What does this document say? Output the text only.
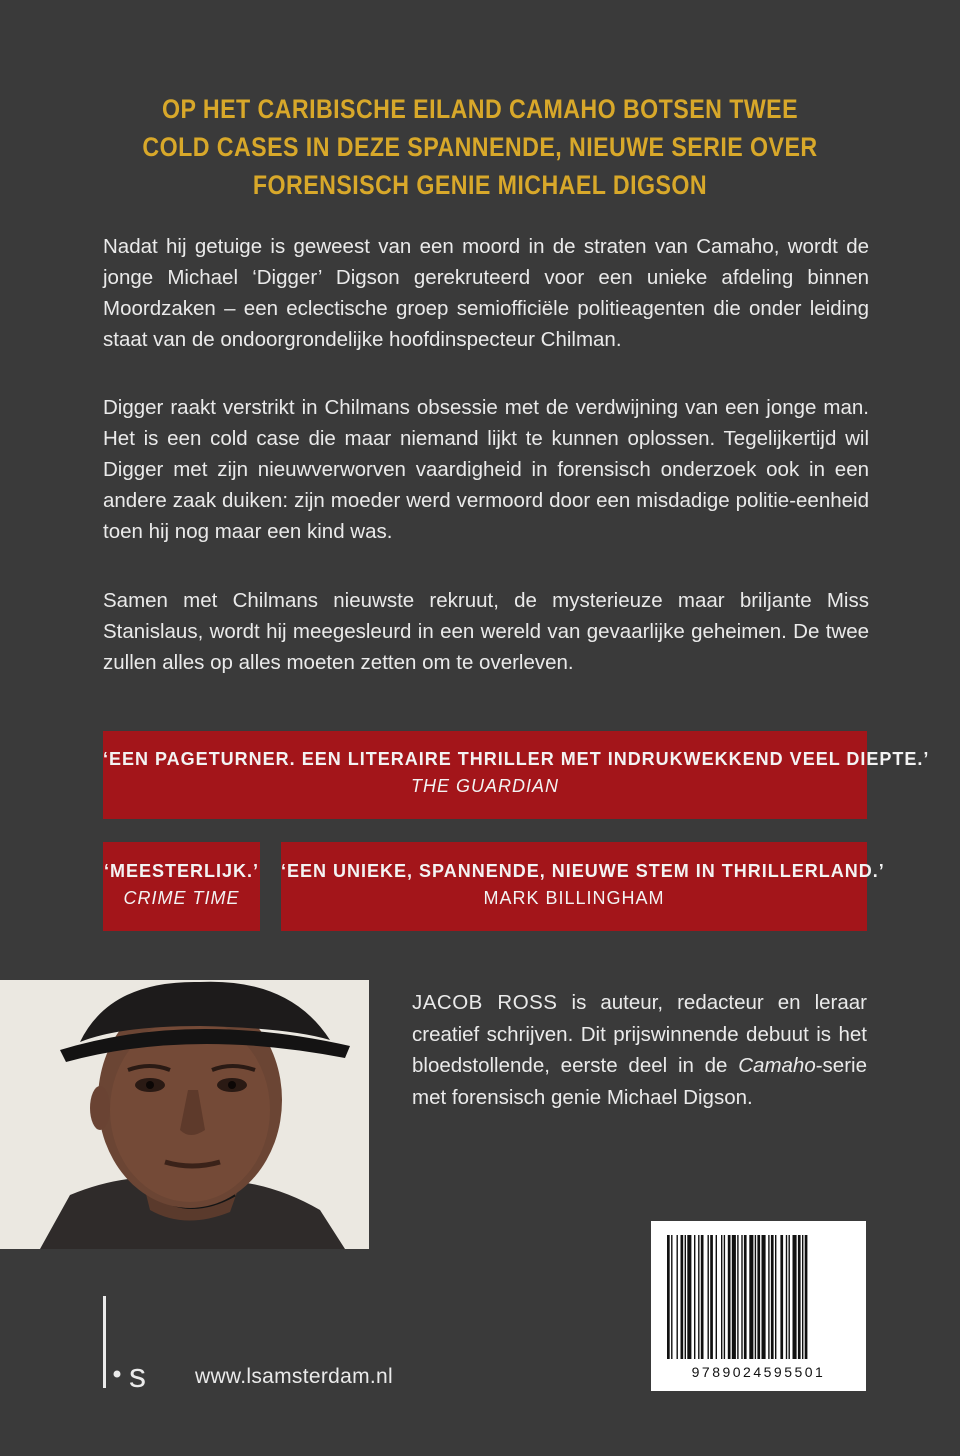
OP HET CARIBISCHE EILAND CAMAHO BOTSEN TWEE
COLD CASES IN DEZE SPANNENDE, NIEUWE SERIE OVER
FORENSISCH GENIE MICHAEL DIGSON

Nadat hij getuige is geweest van een moord in de straten van Camaho, wordt de jonge Michael ‘Digger’ Digson gerekruteerd voor een unieke afdeling binnen Moordzaken – een eclectische groep semiofficiële politieagenten die onder leiding staat van de ondoorgrondelijke hoofdinspecteur Chilman.

Digger raakt verstrikt in Chilmans obsessie met de verdwijning van een jonge man. Het is een cold case die maar niemand lijkt te kunnen oplossen. Tegelijkertijd wil Digger met zijn nieuwverworven vaardigheid in forensisch onderzoek ook in een andere zaak duiken: zijn moeder werd vermoord door een misdadige politie-eenheid toen hij nog maar een kind was.

Samen met Chilmans nieuwste rekruut, de mysterieuze maar briljante Miss Stanislaus, wordt hij meegesleurd in een wereld van gevaarlijke geheimen. De twee zullen alles op alles moeten zetten om te overleven.

‘EEN PAGETURNER. EEN LITERAIRE THRILLER MET INDRUKWEKKEND VEEL DIEPTE.’
THE GUARDIAN
‘MEESTERLIJK.’
CRIME TIME
‘EEN UNIEKE, SPANNENDE, NIEUWE STEM IN THRILLERLAND.’
MARK BILLINGHAM
JACOB ROSS is auteur, redacteur en leraar creatief schrijven. Dit prijswinnende debuut is het bloedstollende, eerste deel in de Camaho-serie met forensisch genie Michael Digson.
9789024595501
s www.lsamsterdam.nl
